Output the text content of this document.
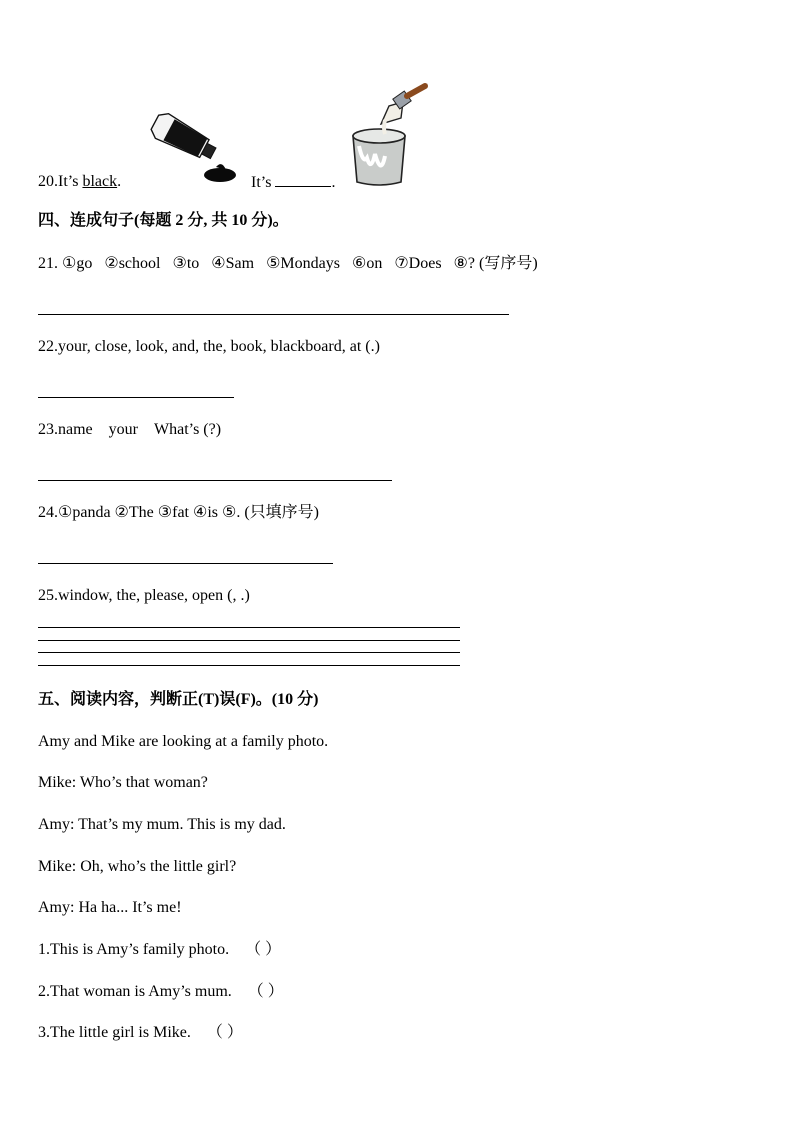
20.It’s black.	It’s	.
四、连成句子(每题 2 分, 共 10 分)。
21. ①go ②school ③to ④Sam ⑤Mondays ⑥on ⑦Does ⑧? (写序号)
22.your, close, look, and, the, book, blackboard, at (.)
23.name your What’s (?)
24.①panda ②The ③fat ④is ⑤. (只填序号)
25.window, the, please, open (, .)
五、阅读内容，判断正(T)误(F)。(10 分)
Amy and Mike are looking at a family photo.
Mike: Who’s that woman?
Amy: That’s my mum. This is my dad.
Mike: Oh, who’s the little girl?
Amy: Ha ha... It’s me!
1.This is Amy’s family photo. （ ）
2.That woman is Amy’s mum. （ ）
3.The little girl is Mike. （ ）
